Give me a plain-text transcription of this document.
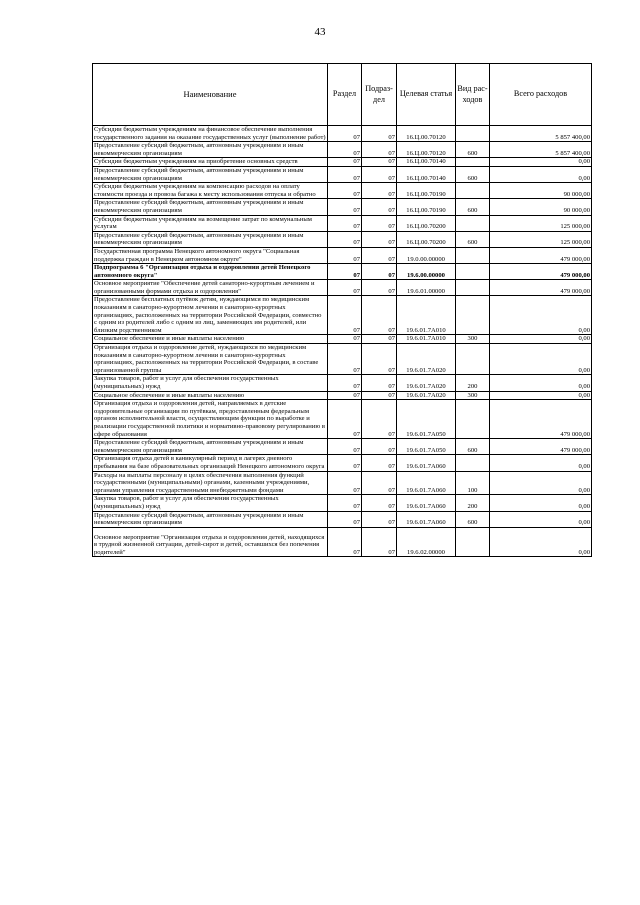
43
Наименование	Раздел	Подраз-дел	Целевая статья	Вид рас-ходов	Всего расходов
Субсидии бюджетным учреждениям на финансовое обеспечение выполнения государственного задания на оказание государственных услуг (выполнение работ)	07	07	16.Ц.00.70120		5 857 400,00
Предоставление субсидий бюджетным, автономным учреждениям и иным некоммерческим организациям	07	07	16.Ц.00.70120	600	5 857 400,00
Субсидии бюджетным учреждениям на приобретение основных средств	07	07	16.Ц.00.70140		0,00
Предоставление субсидий бюджетным, автономным учреждениям и иным некоммерческим организациям	07	07	16.Ц.00.70140	600	0,00
Субсидии бюджетным учреждениям на компенсацию расходов на оплату стоимости проезда и провоза багажа к месту использования отпуска и обратно	07	07	16.Ц.00.70190		90 000,00
Предоставление субсидий бюджетным, автономным учреждениям и иным некоммерческим организациям	07	07	16.Ц.00.70190	600	90 000,00
Субсидии бюджетным учреждениям на возмещение затрат по коммунальным услугам	07	07	16.Ц.00.70200		125 000,00
Предоставление субсидий бюджетным, автономным учреждениям и иным некоммерческим организациям	07	07	16.Ц.00.70200	600	125 000,00
Государственная программа Ненецкого автономного округа "Социальная поддержка граждан в Ненецком автономном округе"	07	07	19.0.00.00000		479 000,00
Подпрограмма 6 "Организация отдыха и оздоровления детей Ненецкого автономного округа"	07	07	19.6.00.00000		479 000,00
Основное мероприятие "Обеспечение детей санаторно-курортным лечением и организованными формами отдыха и оздоровления"	07	07	19.6.01.00000		479 000,00
Предоставление бесплатных путёвок детям, нуждающимся по медицинским показаниям в санаторно-курортном лечении в санаторно-курортных организациях, расположенных на территории Российской Федерации, совместно с одним из родителей либо с одним из лиц, заменяющих им родителей, или близким родственником	07	07	19.6.01.7А010		0,00
Социальное обеспечение и иные выплаты населению	07	07	19.6.01.7А010	300	0,00
Организация отдыха и оздоровление детей, нуждающихся по медицинским показаниям в санаторно-курортном лечении в санаторно-курортных организациях, расположенных на территории Российской Федерации, в составе организованной группы	07	07	19.6.01.7А020		0,00
Закупка товаров, работ и услуг для обеспечения государственных (муниципальных) нужд	07	07	19.6.01.7А020	200	0,00
Социальное обеспечение и иные выплаты населению	07	07	19.6.01.7А020	300	0,00
Организация отдыха и оздоровления детей, направляемых в детские оздоровительные организации по путёвкам, предоставленным федеральным органом исполнительной власти, осуществляющим функции по выработке и реализации государственной политики и нормативно-правовому регулированию в сфере образования	07	07	19.6.01.7А050		479 000,00
Предоставление субсидий бюджетным, автономным учреждениям и иным некоммерческим организациям	07	07	19.6.01.7А050	600	479 000,00
Организация отдыха детей в каникулярный период в лагерях дневного пребывания на базе образовательных организаций Ненецкого автономного округа	07	07	19.6.01.7А060		0,00
Расходы на выплаты персоналу в целях обеспечения выполнения функций государственными (муниципальными) органами, казенными учреждениями, органами управления государственными внебюджетными фондами	07	07	19.6.01.7А060	100	0,00
Закупка товаров, работ и услуг для обеспечения государственных (муниципальных) нужд	07	07	19.6.01.7А060	200	0,00
Предоставление субсидий бюджетным, автономным учреждениям и иным некоммерческим организациям	07	07	19.6.01.7А060	600	0,00
Основное мероприятие "Организация отдыха и оздоровления детей, находящихся в трудной жизненной ситуации, детей-сирот и детей, оставшихся без попечения родителей"	07	07	19.6.02.00000		0,00
